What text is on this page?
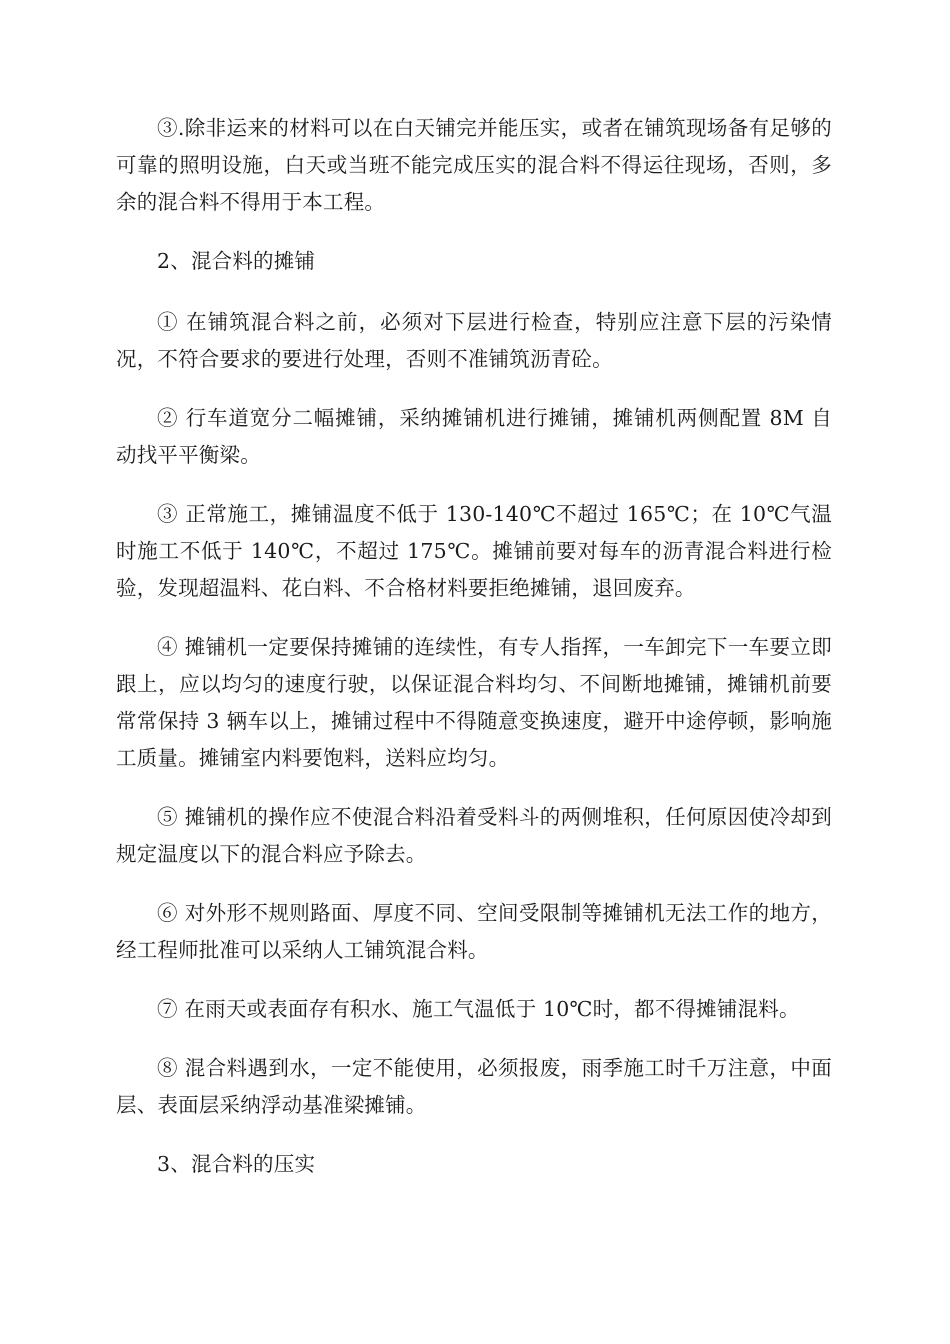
③.除非运来的材料可以在白天铺完并能压实，或者在铺筑现场备有足够的可靠的照明设施，白天或当班不能完成压实的混合料不得运往现场，否则，多余的混合料不得用于本工程。

2、混合料的摊铺

① 在铺筑混合料之前，必须对下层进行检查，特别应注意下层的污染情况，不符合要求的要进行处理，否则不准铺筑沥青砼。

② 行车道宽分二幅摊铺，采纳摊铺机进行摊铺，摊铺机两侧配置 8M 自动找平平衡梁。

③ 正常施工，摊铺温度不低于 130-140℃不超过 165℃；在 10℃气温时施工不低于 140℃，不超过 175℃。摊铺前要对每车的沥青混合料进行检验，发现超温料、花白料、不合格材料要拒绝摊铺，退回废弃。

④ 摊铺机一定要保持摊铺的连续性，有专人指挥，一车卸完下一车要立即跟上，应以均匀的速度行驶，以保证混合料均匀、不间断地摊铺，摊铺机前要常常保持 3 辆车以上，摊铺过程中不得随意变换速度，避开中途停顿，影响施工质量。摊铺室内料要饱料，送料应均匀。

⑤ 摊铺机的操作应不使混合料沿着受料斗的两侧堆积，任何原因使冷却到规定温度以下的混合料应予除去。

⑥ 对外形不规则路面、厚度不同、空间受限制等摊铺机无法工作的地方，经工程师批准可以采纳人工铺筑混合料。

⑦ 在雨天或表面存有积水、施工气温低于 10℃时，都不得摊铺混料。

⑧ 混合料遇到水，一定不能使用，必须报废，雨季施工时千万注意，中面层、表面层采纳浮动基准梁摊铺。

3、混合料的压实
